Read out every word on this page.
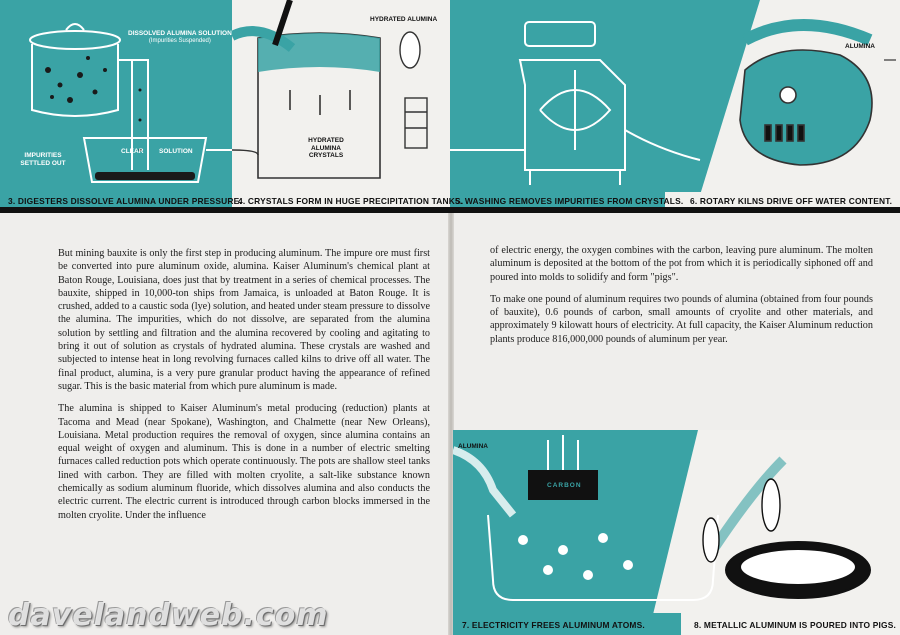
DISSOLVED ALUMINA SOLUTION
(Impurities Suspended)
CLEAR SOLUTION
IMPURITIES SETTLED OUT
HYDRATED ALUMINA
HYDRATED ALUMINA CRYSTALS
ALUMINA
3. DIGESTERS DISSOLVE ALUMINA UNDER PRESSURE.
4. CRYSTALS FORM IN HUGE PRECIPITATION TANKS.
5. WASHING REMOVES IMPURITIES FROM CRYSTALS. 6. ROTARY KILNS DRIVE OFF WATER CONTENT.

But mining bauxite is only the first step in producing aluminum. The impure ore must first be converted into pure aluminum oxide, alumina. Kaiser Aluminum's chemical plant at Baton Rouge, Louisiana, does just that by treatment in a series of chemical processes. The bauxite, shipped in 10,000-ton ships from Jamaica, is unloaded at Baton Rouge. It is crushed, added to a caustic soda (lye) solution, and heated under steam pressure to dissolve the alumina. The impurities, which do not dissolve, are separated from the alumina solution by settling and filtration and the alumina recovered by cooling and agitating to bring it out of solution as crystals of hydrated alumina. These crystals are washed and subjected to intense heat in long revolving furnaces called kilns to drive off all water. The final product, alumina, is a very pure granular product having the appearance of refined sugar. This is the basic material from which pure aluminum is made.

The alumina is shipped to Kaiser Aluminum's metal producing (reduction) plants at Tacoma and Mead (near Spokane), Washington, and Chalmette (near New Orleans), Louisiana. Metal production requires the removal of oxygen, since alumina contains an equal weight of oxygen and aluminum. This is done in a number of electric smelting furnaces called reduction pots which operate continuously. The pots are shallow steel tanks lined with carbon. They are filled with molten cryolite, a salt-like substance known chemically as sodium aluminum fluoride, which dissolves alumina and also conducts the electric current. The electric current is introduced through carbon blocks immersed in the molten cryolite. Under the influence

of electric energy, the oxygen combines with the carbon, leaving pure aluminum. The molten aluminum is deposited at the bottom of the pot from which it is periodically siphoned off and poured into molds to solidify and form "pigs".

To make one pound of aluminum requires two pounds of alumina (obtained from four pounds of bauxite), 0.6 pounds of carbon, small amounts of cryolite and other materials, and approximately 9 kilowatt hours of electricity. At full capacity, the Kaiser Aluminum reduction plants produce 816,000,000 pounds of aluminum per year.

ALUMINA
CARBON
7. ELECTRICITY FREES ALUMINUM ATOMS.	8. METALLIC ALUMINUM IS POURED INTO PIGS.
davelandweb.com
